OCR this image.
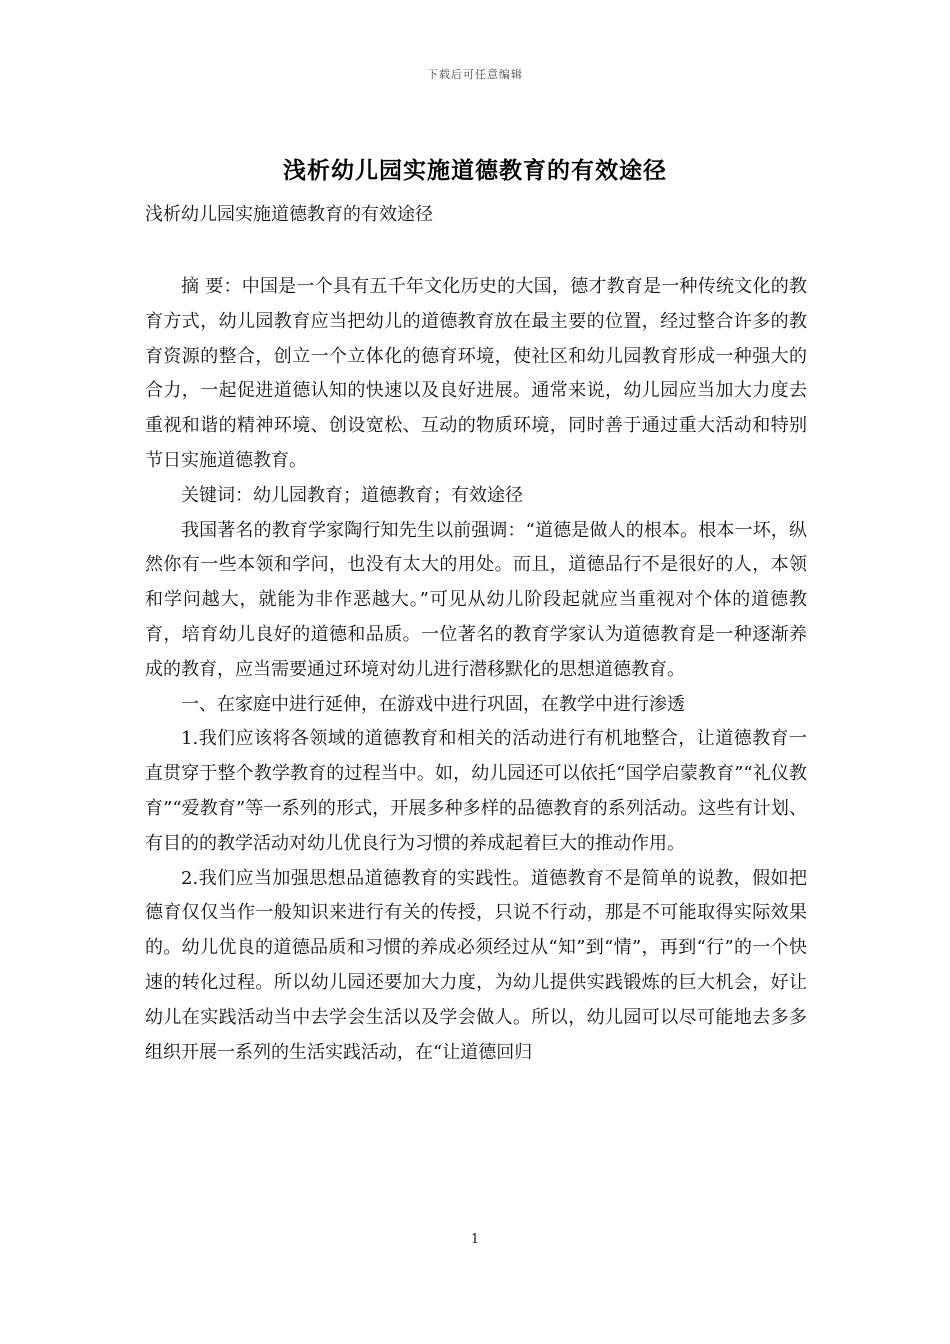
下载后可任意编辑
浅析幼儿园实施道德教育的有效途径
浅析幼儿园实施道德教育的有效途径

摘 要：中国是一个具有五千年文化历史的大国，德才教育是一种传统文化的教育方式，幼儿园教育应当把幼儿的道德教育放在最主要的位置，经过整合许多的教育资源的整合，创立一个立体化的德育环境，使社区和幼儿园教育形成一种强大的合力，一起促进道德认知的快速以及良好进展。通常来说，幼儿园应当加大力度去重视和谐的精神环境、创设宽松、互动的物质环境，同时善于通过重大活动和特别节日实施道德教育。

关键词：幼儿园教育；道德教育；有效途径

我国著名的教育学家陶行知先生以前强调：“道德是做人的根本。根本一坏，纵然你有一些本领和学问，也没有太大的用处。而且，道德品行不是很好的人，本领和学问越大，就能为非作恶越大。”可见从幼儿阶段起就应当重视对个体的道德教育，培育幼儿良好的道德和品质。一位著名的教育学家认为道德教育是一种逐渐养成的教育，应当需要通过环境对幼儿进行潜移默化的思想道德教育。

一、在家庭中进行延伸，在游戏中进行巩固，在教学中进行渗透

1.我们应该将各领域的道德教育和相关的活动进行有机地整合，让道德教育一直贯穿于整个教学教育的过程当中。如，幼儿园还可以依托“国学启蒙教育”“礼仪教育”“爱教育”等一系列的形式，开展多种多样的品德教育的系列活动。这些有计划、有目的的教学活动对幼儿优良行为习惯的养成起着巨大的推动作用。

2.我们应当加强思想品道德教育的实践性。道德教育不是简单的说教，假如把德育仅仅当作一般知识来进行有关的传授，只说不行动，那是不可能取得实际效果的。幼儿优良的道德品质和习惯的养成必须经过从“知”到“情”，再到“行”的一个快速的转化过程。所以幼儿园还要加大力度，为幼儿提供实践锻炼的巨大机会，好让幼儿在实践活动当中去学会生活以及学会做人。所以，幼儿园可以尽可能地去多多组织开展一系列的生活实践活动，在“让道德回归

1
